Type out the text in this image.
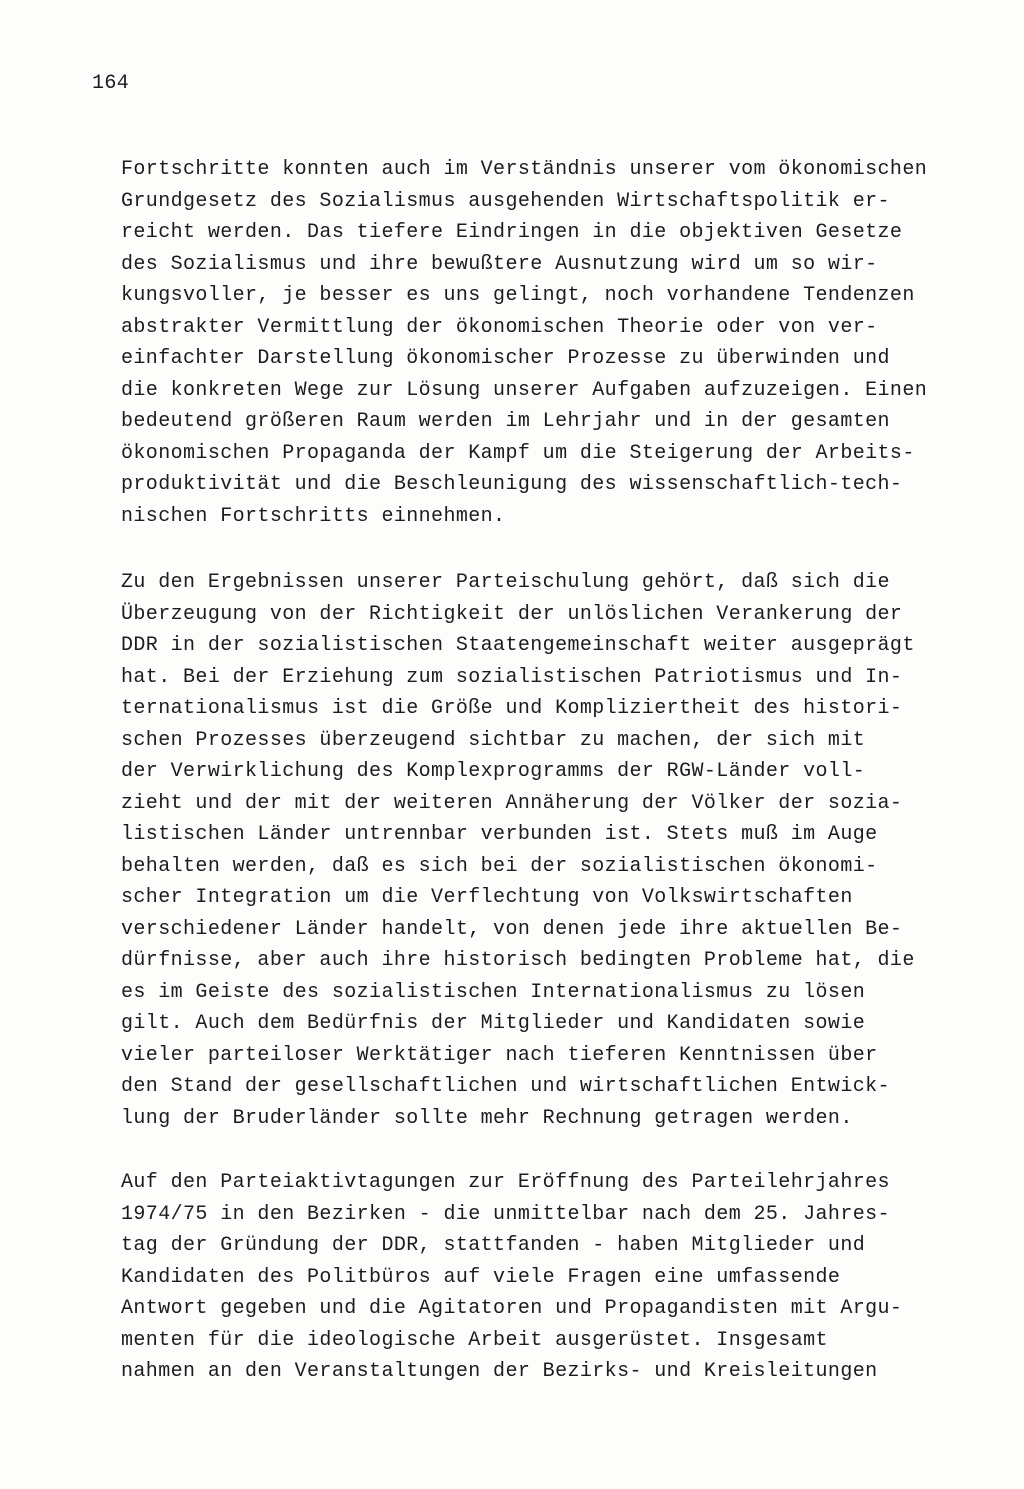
164

Fortschritte konnten auch im Verständnis unserer vom ökonomischen
Grundgesetz des Sozialismus ausgehenden Wirtschaftspolitik er-
reicht werden. Das tiefere Eindringen in die objektiven Gesetze
des Sozialismus und ihre bewußtere Ausnutzung wird um so wir-
kungsvoller, je besser es uns gelingt, noch vorhandene Tendenzen
abstrakter Vermittlung der ökonomischen Theorie oder von ver-
einfachter Darstellung ökonomischer Prozesse zu überwinden und
die konkreten Wege zur Lösung unserer Aufgaben aufzuzeigen. Einen
bedeutend größeren Raum werden im Lehrjahr und in der gesamten
ökonomischen Propaganda der Kampf um die Steigerung der Arbeits-
produktivität und die Beschleunigung des wissenschaftlich-tech-
nischen Fortschritts einnehmen.
Zu den Ergebnissen unserer Parteischulung gehört, daß sich die
Überzeugung von der Richtigkeit der unlöslichen Verankerung der
DDR in der sozialistischen Staatengemeinschaft weiter ausgeprägt
hat. Bei der Erziehung zum sozialistischen Patriotismus und In-
ternationalismus ist die Größe und Kompliziertheit des histori-
schen Prozesses überzeugend sichtbar zu machen, der sich mit
der Verwirklichung des Komplexprogramms der RGW-Länder voll-
zieht und der mit der weiteren Annäherung der Völker der sozia-
listischen Länder untrennbar verbunden ist. Stets muß im Auge
behalten werden, daß es sich bei der sozialistischen ökonomi-
scher Integration um die Verflechtung von Volkswirtschaften
verschiedener Länder handelt, von denen jede ihre aktuellen Be-
dürfnisse, aber auch ihre historisch bedingten Probleme hat, die
es im Geiste des sozialistischen Internationalismus zu lösen
gilt. Auch dem Bedürfnis der Mitglieder und Kandidaten sowie
vieler parteiloser Werktätiger nach tieferen Kenntnissen über
den Stand der gesellschaftlichen und wirtschaftlichen Entwick-
lung der Bruderländer sollte mehr Rechnung getragen werden.
Auf den Parteiaktivtagungen zur Eröffnung des Parteilehrjahres
1974/75 in den Bezirken - die unmittelbar nach dem 25. Jahres-
tag der Gründung der DDR, stattfanden - haben Mitglieder und
Kandidaten des Politbüros auf viele Fragen eine umfassende
Antwort gegeben und die Agitatoren und Propagandisten mit Argu-
menten für die ideologische Arbeit ausgerüstet. Insgesamt
nahmen an den Veranstaltungen der Bezirks- und Kreisleitungen
